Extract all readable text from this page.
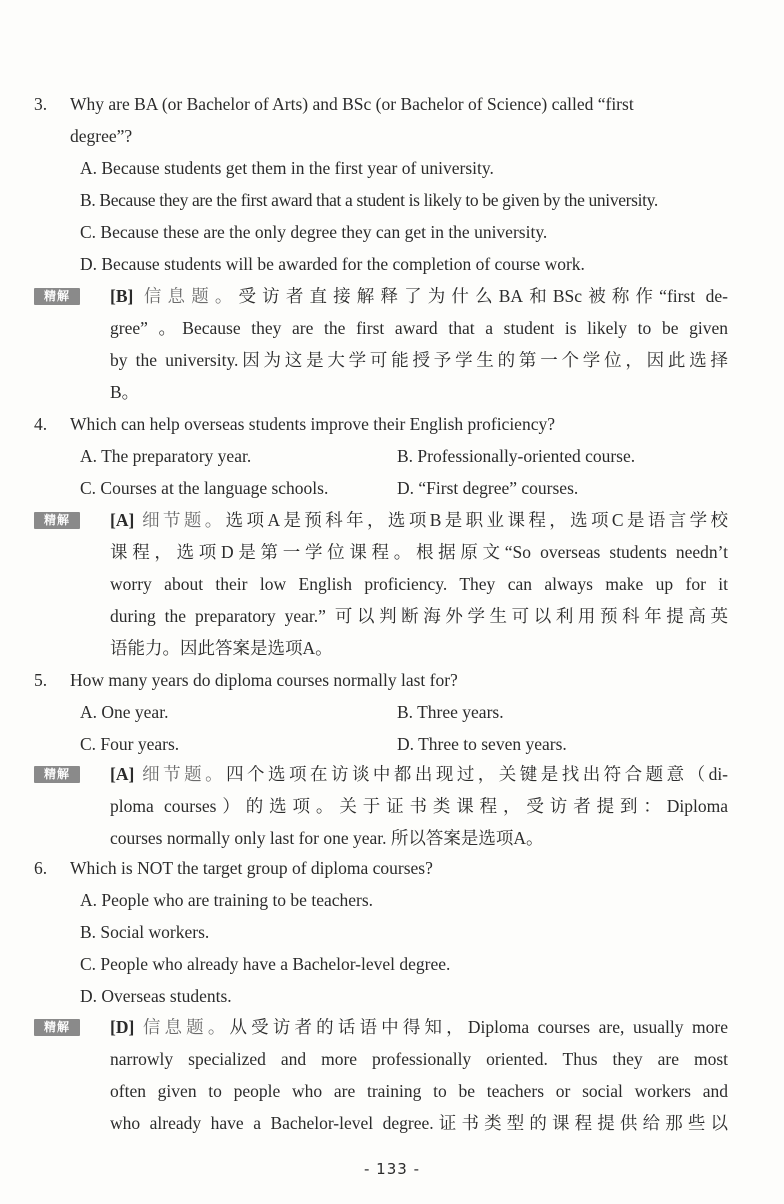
3. Why are BA (or Bachelor of Arts) and BSc (or Bachelor of Science) called “first
degree”?
A. Because students get them in the first year of university.
B. Because they are the first award that a student is likely to be given by the university.
C. Because these are the only degree they can get in the university.
D. Because students will be awarded for the completion of course work.
精解	[B] 信息题。受访者直接解释了为什么BA和BSc被称作“first de-
gree” 。Because they are the first award that a student is likely to be given
by the university.因为这是大学可能授予学生的第一个学位，因此选择
B。
4. Which can help overseas students improve their English proficiency?
A. The preparatory year.	B. Professionally-oriented course.
C. Courses at the language schools.	D. “First degree” courses.
精解	[A] 细节题。选项A是预科年，选项B是职业课程，选项C是语言学校
课程，选项D是第一学位课程。根据原文“So overseas students needn’t
worry about their low English proficiency. They can always make up for it
during the preparatory year.” 可以判断海外学生可以利用预科年提高英
语能力。因此答案是选项A。
5. How many years do diploma courses normally last for?
A. One year.	B. Three years.
C. Four years.	D. Three to seven years.
精解	[A] 细节题。四个选项在访谈中都出现过，关键是找出符合题意（di-
ploma courses）的选项。关于证书类课程，受访者提到：Diploma
courses normally only last for one year. 所以答案是选项A。
6. Which is NOT the target group of diploma courses?
A. People who are training to be teachers.
B. Social workers.
C. People who already have a Bachelor-level degree.
D. Overseas students.
精解	[D] 信息题。从受访者的话语中得知，Diploma courses are, usually more
narrowly specialized and more professionally oriented. Thus they are most
often given to people who are training to be teachers or social workers and
who already have a Bachelor-level degree.证书类型的课程提供给那些以
- 133 -
